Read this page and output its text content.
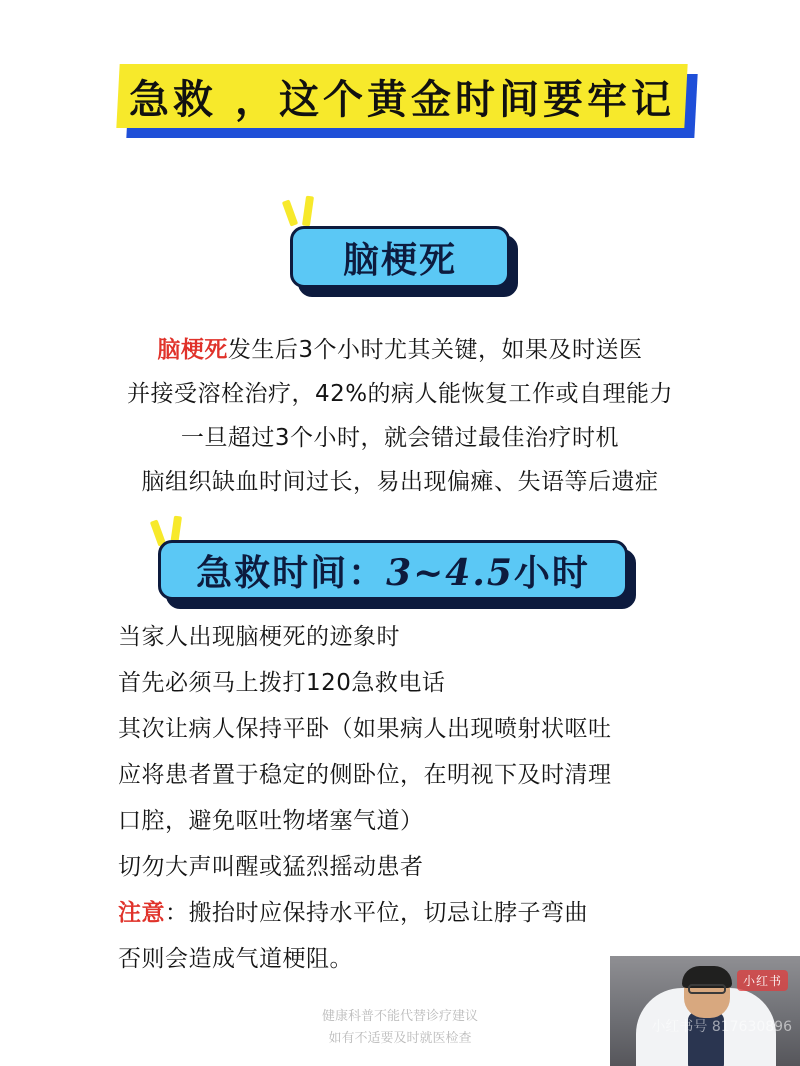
急救 ，这个黄金时间要牢记
脑梗死
脑梗死发生后3个小时尤其关键，如果及时送医
并接受溶栓治疗，42%的病人能恢复工作或自理能力
一旦超过3个小时，就会错过最佳治疗时机
脑组织缺血时间过长，易出现偏瘫、失语等后遗症
急救时间：3~4.5小时
当家人出现脑梗死的迹象时
首先必须马上拨打120急救电话
其次让病人保持平卧（如果病人出现喷射状呕吐
应将患者置于稳定的侧卧位，在明视下及时清理
口腔，避免呕吐物堵塞气道）
切勿大声叫醒或猛烈摇动患者
注意：搬抬时应保持水平位，切忌让脖子弯曲
否则会造成气道梗阻。
健康科普不能代替诊疗建议
如有不适要及时就医检查
小红书
小红书号 817630896
